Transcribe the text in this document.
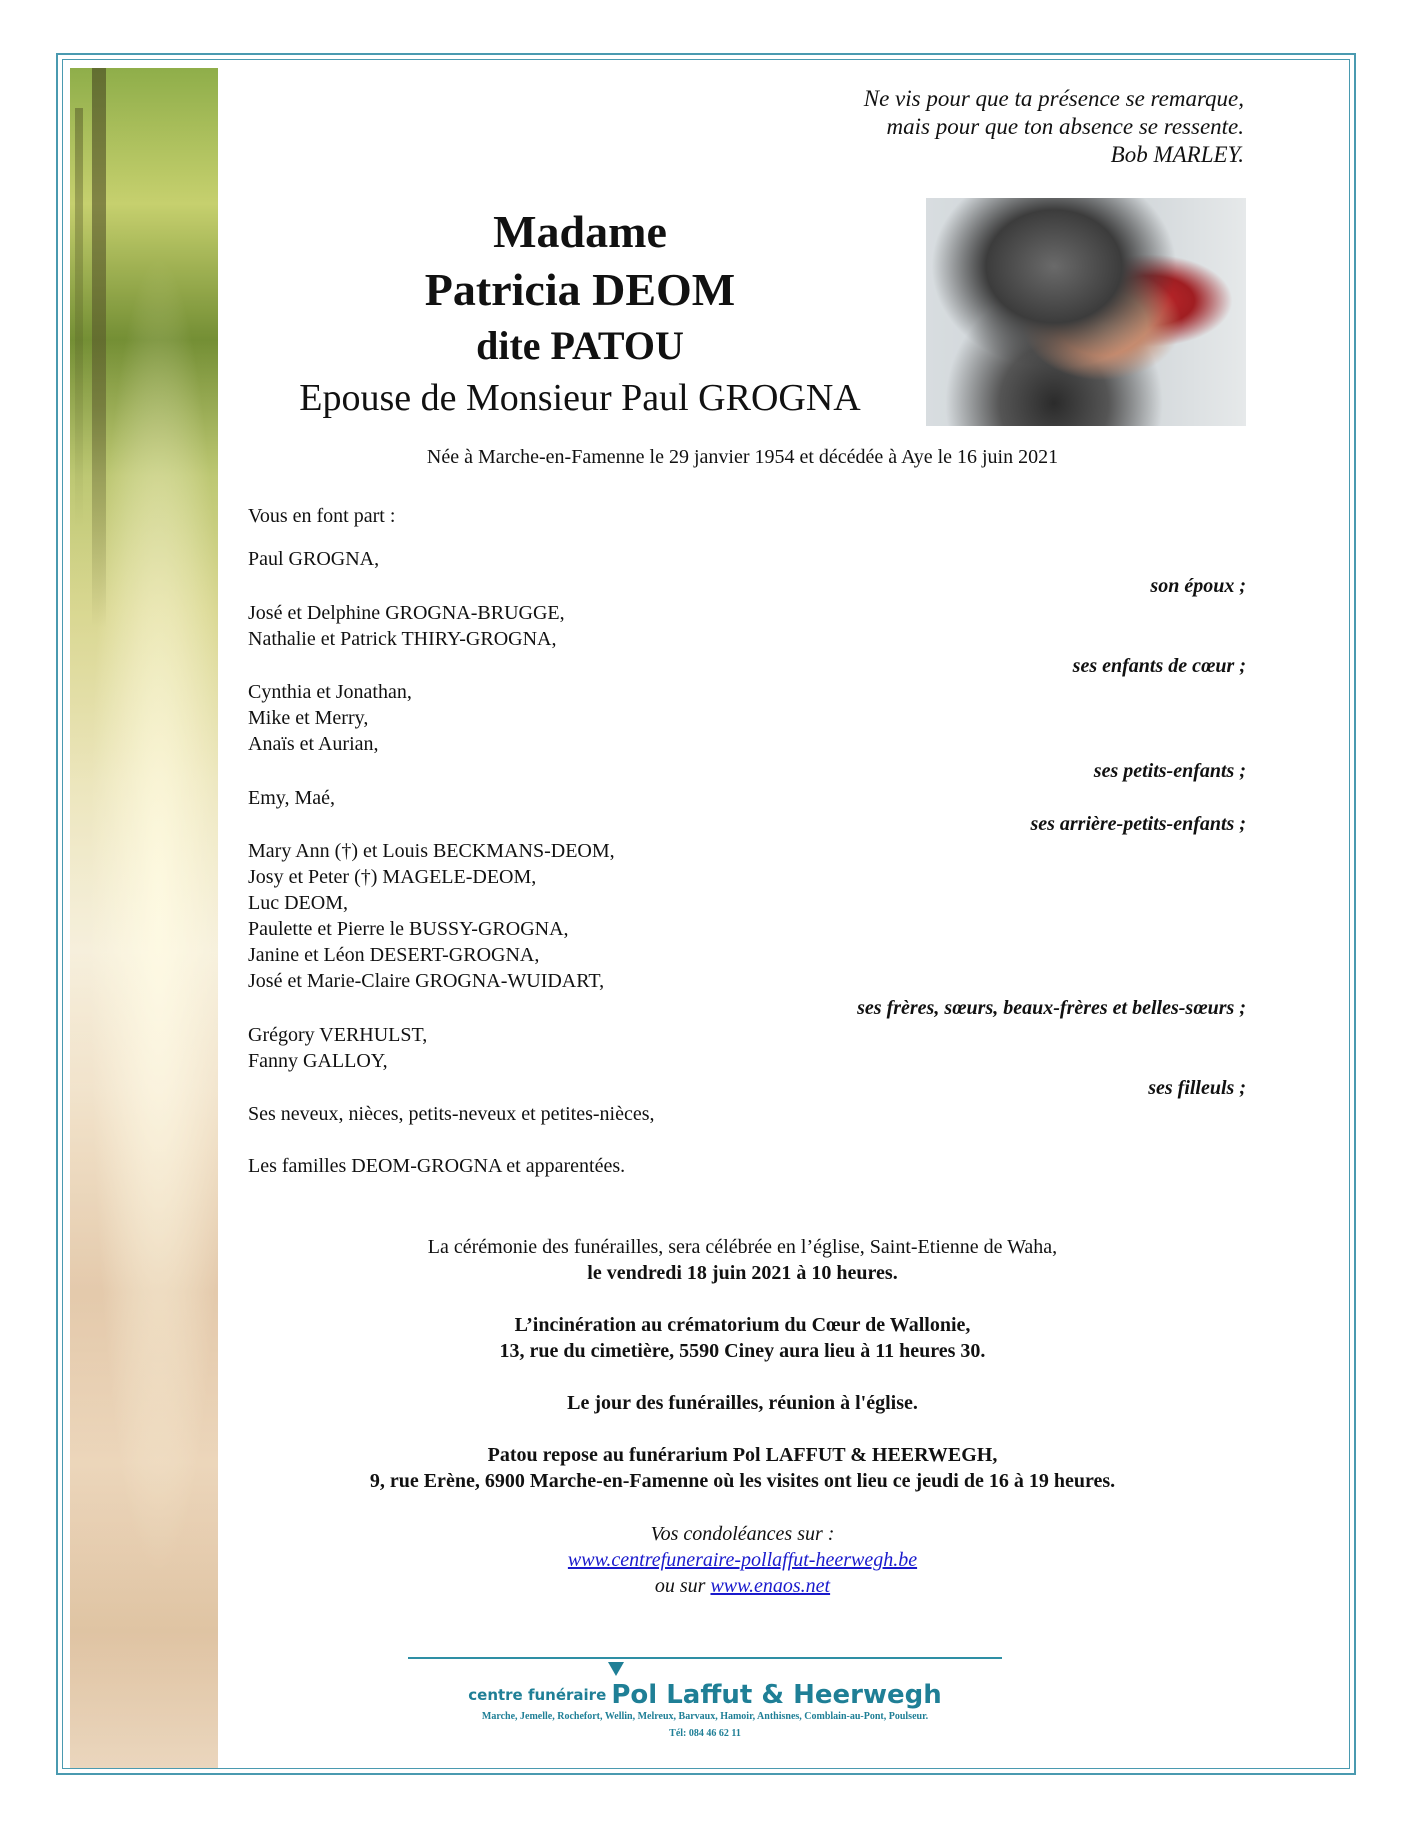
Ne vis pour que ta présence se remarque,
mais pour que ton absence se ressente.
Bob MARLEY.
Madame
Patricia DEOM
dite PATOU
Epouse de Monsieur Paul GROGNA
Née à Marche-en-Famenne le 29 janvier 1954 et décédée à Aye le 16 juin 2021
Vous en font part :
Paul GROGNA,
son époux ;
José et Delphine GROGNA-BRUGGE,
Nathalie et Patrick THIRY-GROGNA,
ses enfants de cœur ;
Cynthia et Jonathan,
Mike et Merry,
Anaïs et Aurian,
ses petits-enfants ;
Emy, Maé,
ses arrière-petits-enfants ;
Mary Ann (†) et Louis BECKMANS-DEOM,
Josy et Peter (†) MAGELE-DEOM,
Luc DEOM,
Paulette et Pierre le BUSSY-GROGNA,
Janine et Léon DESERT-GROGNA,
José et Marie-Claire GROGNA-WUIDART,
ses frères, sœurs, beaux-frères et belles-sœurs ;
Grégory VERHULST,
Fanny GALLOY,
ses filleuls ;
Ses neveux, nièces, petits-neveux et petites-nièces,
Les familles DEOM-GROGNA et apparentées.
La cérémonie des funérailles, sera célébrée en l’église, Saint-Etienne de Waha,
le vendredi 18 juin 2021 à 10 heures.
L’incinération au crématorium du Cœur de Wallonie,
13, rue du cimetière, 5590 Ciney aura lieu à 11 heures 30.
Le jour des funérailles, réunion à l'église.
Patou repose au funérarium Pol LAFFUT & HEERWEGH,
9, rue Erène, 6900 Marche-en-Famenne où les visites ont lieu ce jeudi de 16 à 19 heures.
Vos condoléances sur :
www.centrefuneraire-pollaffut-heerwegh.be
ou sur www.enaos.net
centre funéraire Pol Laffut & Heerwegh
Marche, Jemelle, Rochefort, Wellin, Melreux, Barvaux, Hamoir, Anthisnes, Comblain-au-Pont, Poulseur.
Tél: 084 46 62 11
